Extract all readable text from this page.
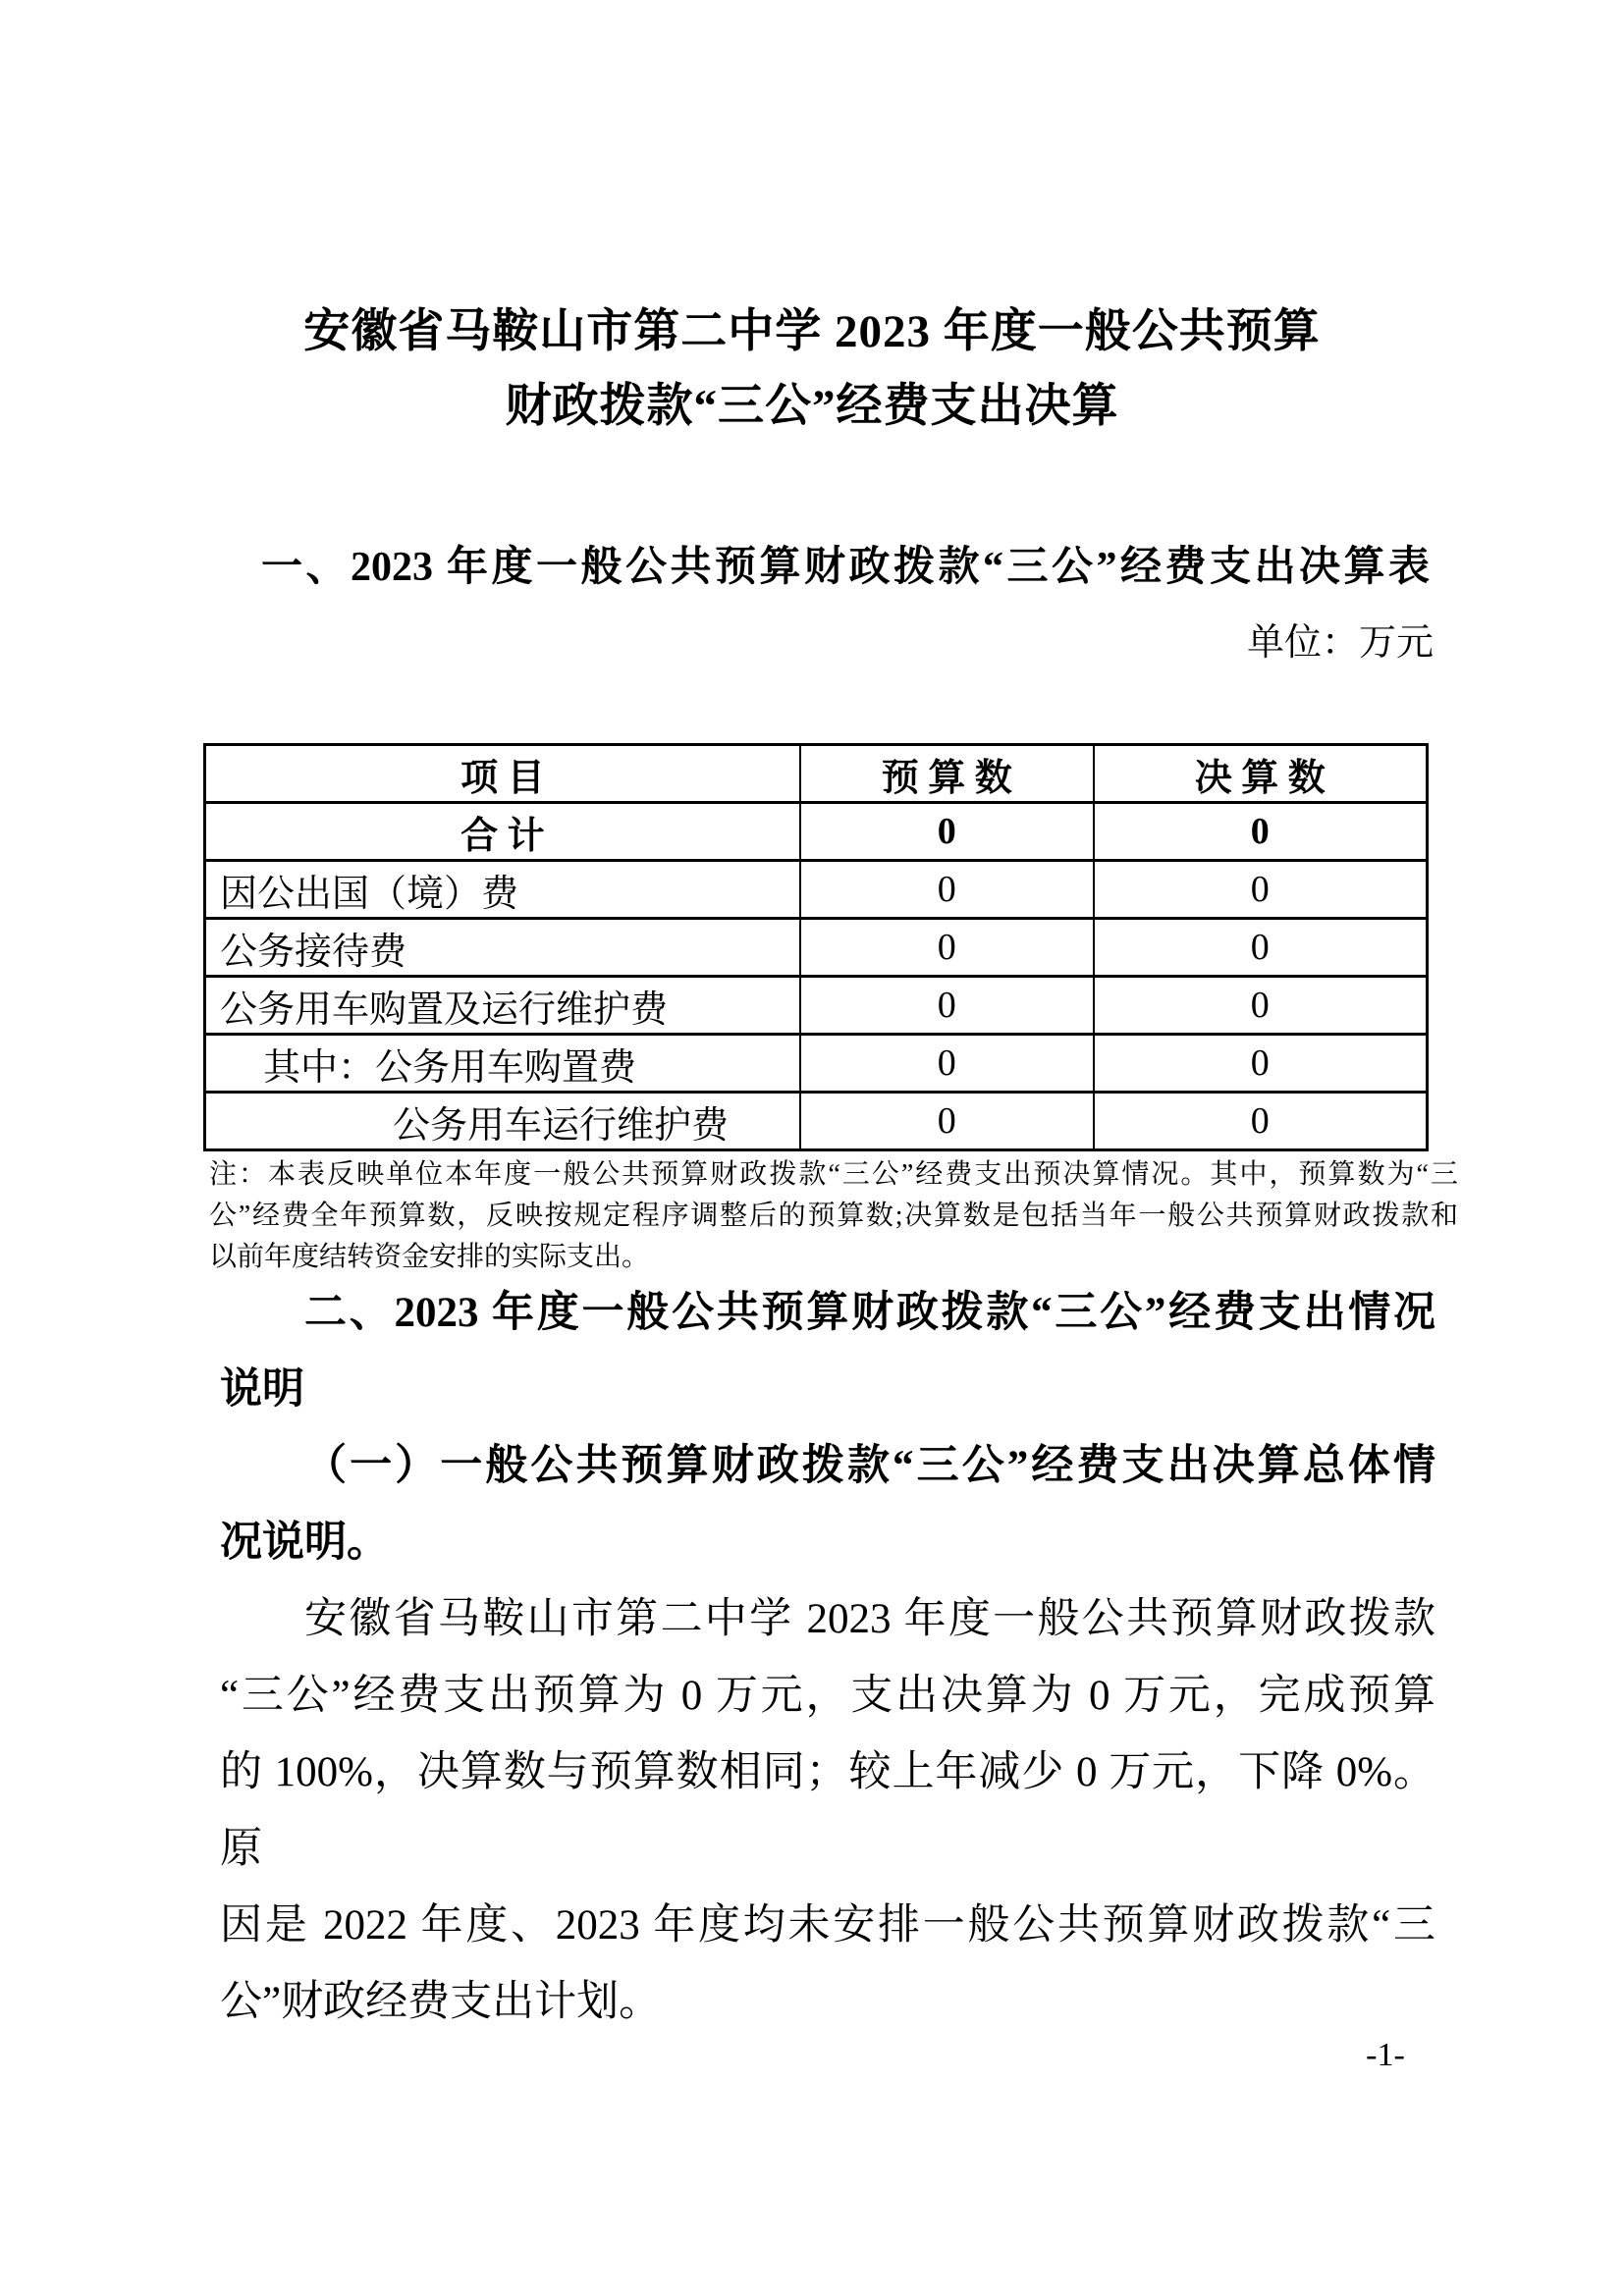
安徽省马鞍山市第二中学 2023 年度一般公共预算
财政拨款“三公”经费支出决算
一、2023 年度一般公共预算财政拨款“三公”经费支出决算表
单位：万元
项 目	预 算 数	决 算 数
合 计	0	0
因公出国（境）费	0	0
公务接待费	0	0
公务用车购置及运行维护费	0	0
其中：公务用车购置费	0	0
公务用车运行维护费	0	0
注：本表反映单位本年度一般公共预算财政拨款“三公”经费支出预决算情况。其中，预算数为“三
公”经费全年预算数，反映按规定程序调整后的预算数;决算数是包括当年一般公共预算财政拨款和
以前年度结转资金安排的实际支出。
二、2023 年度一般公共预算财政拨款“三公”经费支出情况
说明
（一）一般公共预算财政拨款“三公”经费支出决算总体情
况说明。
安徽省马鞍山市第二中学 2023 年度一般公共预算财政拨款
“三公”经费支出预算为 0 万元，支出决算为 0 万元，完成预算
的 100%，决算数与预算数相同；较上年减少 0 万元，下降 0%。原
因是 2022 年度、2023 年度均未安排一般公共预算财政拨款“三
公”财政经费支出计划。
-1-
